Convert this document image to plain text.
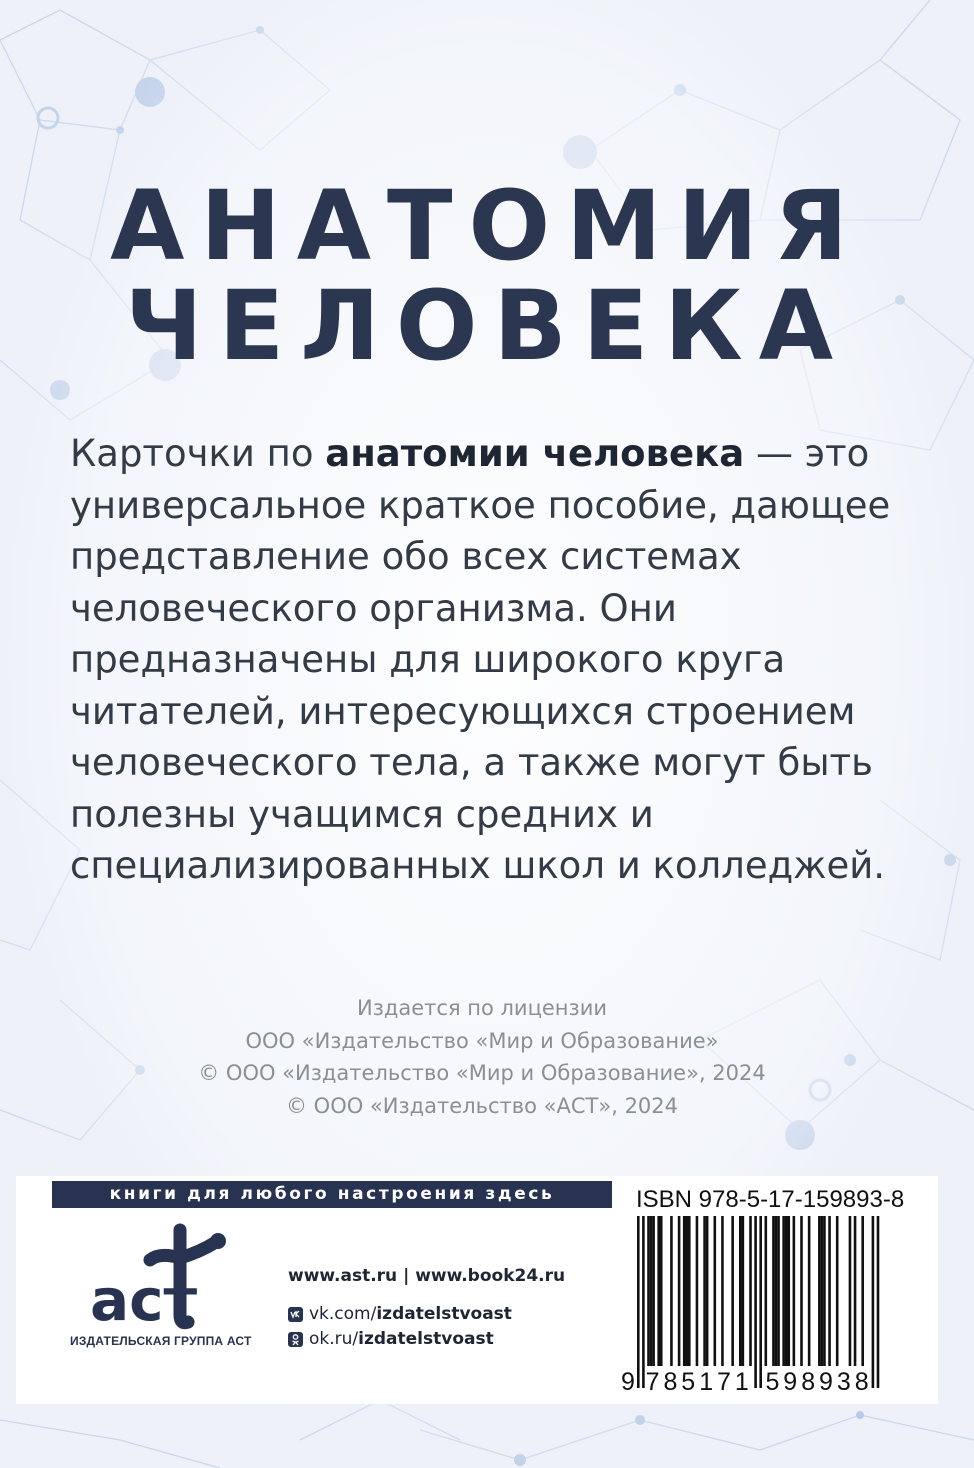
АНАТОМИЯ
ЧЕЛОВЕКА

Карточки по анатомии человека — это универсальное краткое пособие, дающее представление обо всех системах человеческого организма. Они предназначены для широкого круга читателей, интересующихся строением человеческого тела, а также могут быть полезны учащимся средних и специализированных школ и колледжей.

Издается по лицензии
ООО «Издательство «Мир и Образование»
© ООО «Издательство «Мир и Образование», 2024
© ООО «Издательство «АСТ», 2024
книги для любого настроения здесь
аст
ИЗДАТЕЛЬСКАЯ ГРУППА АСТ
www.ast.ru | www.book24.ru
vk.com/ izdatelstvoast
ok.ru/ izdatelstvoast
ISBN 978-5-17-159893-8
9 7 8 5 1 7 1 5 9 8 9 3 8
